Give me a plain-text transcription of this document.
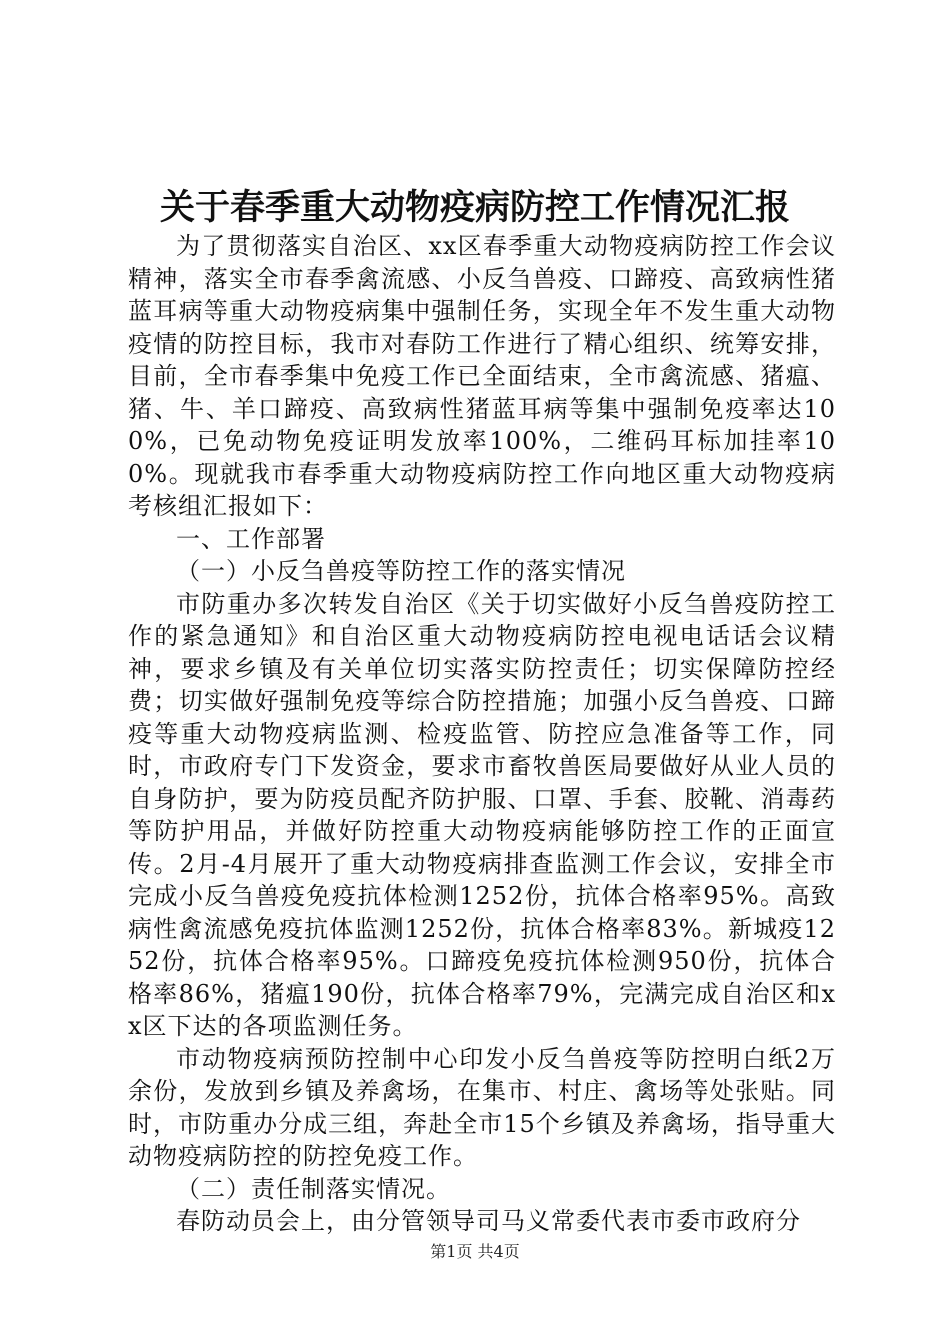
关于春季重大动物疫病防控工作情况汇报

为了贯彻落实自治区、xx区春季重大动物疫病防控工作会议精神，落实全市春季禽流感、小反刍兽疫、口蹄疫、高致病性猪蓝耳病等重大动物疫病集中强制任务，实现全年不发生重大动物疫情的防控目标，我市对春防工作进行了精心组织、统筹安排，目前，全市春季集中免疫工作已全面结束，全市禽流感、猪瘟、猪、牛、羊口蹄疫、高致病性猪蓝耳病等集中强制免疫率达100%，已免动物免疫证明发放率100%，二维码耳标加挂率100%。现就我市春季重大动物疫病防控工作向地区重大动物疫病考核组汇报如下：

一、工作部署

（一）小反刍兽疫等防控工作的落实情况

市防重办多次转发自治区《关于切实做好小反刍兽疫防控工作的紧急通知》和自治区重大动物疫病防控电视电话话会议精神，要求乡镇及有关单位切实落实防控责任；切实保障防控经费；切实做好强制免疫等综合防控措施；加强小反刍兽疫、口蹄疫等重大动物疫病监测、检疫监管、防控应急准备等工作，同时，市政府专门下发资金，要求市畜牧兽医局要做好从业人员的自身防护，要为防疫员配齐防护服、口罩、手套、胶靴、消毒药等防护用品，并做好防控重大动物疫病能够防控工作的正面宣传。2月-4月展开了重大动物疫病排查监测工作会议，安排全市完成小反刍兽疫免疫抗体检测1252份，抗体合格率95%。高致病性禽流感免疫抗体监测1252份，抗体合格率83%。新城疫1252份，抗体合格率95%。口蹄疫免疫抗体检测950份，抗体合格率86%，猪瘟190份，抗体合格率79%，完满完成自治区和xx区下达的各项监测任务。

市动物疫病预防控制中心印发小反刍兽疫等防控明白纸2万余份，发放到乡镇及养禽场，在集市、村庄、禽场等处张贴。同时，市防重办分成三组，奔赴全市15个乡镇及养禽场，指导重大动物疫病防控的防控免疫工作。

（二）责任制落实情况。

春防动员会上，由分管领导司马义常委代表市委市政府分

第1页 共4页
